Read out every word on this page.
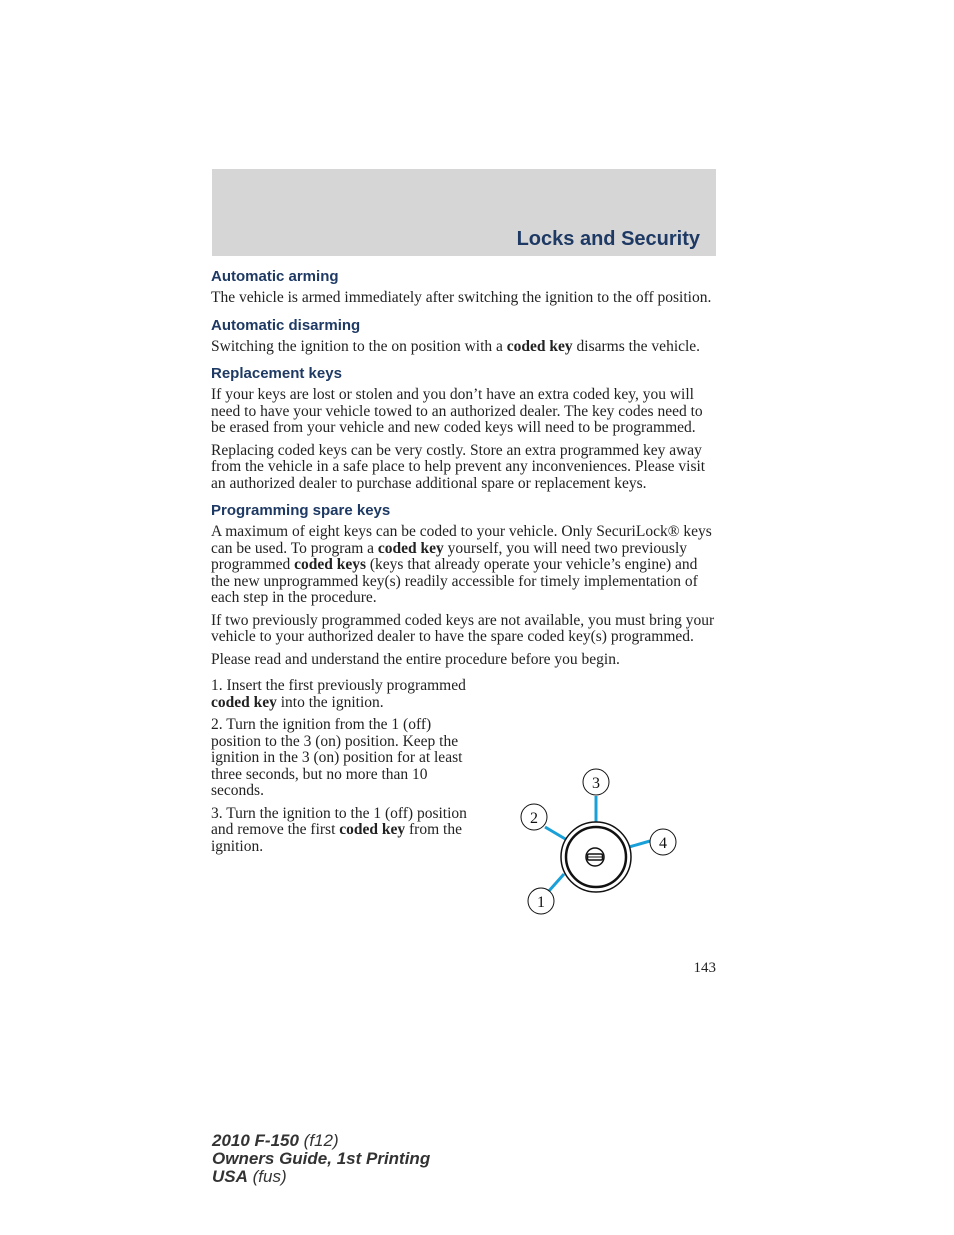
Locks and Security
Automatic arming

The vehicle is armed immediately after switching the ignition to the off position.

Automatic disarming

Switching the ignition to the on position with a coded key disarms the vehicle.

Replacement keys

If your keys are lost or stolen and you don’t have an extra coded key, you will need to have your vehicle towed to an authorized dealer. The key codes need to be erased from your vehicle and new coded keys will need to be programmed.

Replacing coded keys can be very costly. Store an extra programmed key away from the vehicle in a safe place to help prevent any inconveniences. Please visit an authorized dealer to purchase additional spare or replacement keys.

Programming spare keys

A maximum of eight keys can be coded to your vehicle. Only SecuriLock® keys can be used. To program a coded key yourself, you will need two previously programmed coded keys (keys that already operate your vehicle’s engine) and the new unprogrammed key(s) readily accessible for timely implementation of each step in the procedure.

If two previously programmed coded keys are not available, you must bring your vehicle to your authorized dealer to have the spare coded key(s) programmed.

Please read and understand the entire procedure before you begin.

1. Insert the first previously programmed coded key into the ignition.

2. Turn the ignition from the 1 (off) position to the 3 (on) position. Keep the ignition in the 3 (on) position for at least three seconds, but no more than 10 seconds.

3. Turn the ignition to the 1 (off) position and remove the first coded key from the ignition.

3
2
4
1
143
2010 F-150 (f12)
Owners Guide, 1st Printing
USA (fus)
